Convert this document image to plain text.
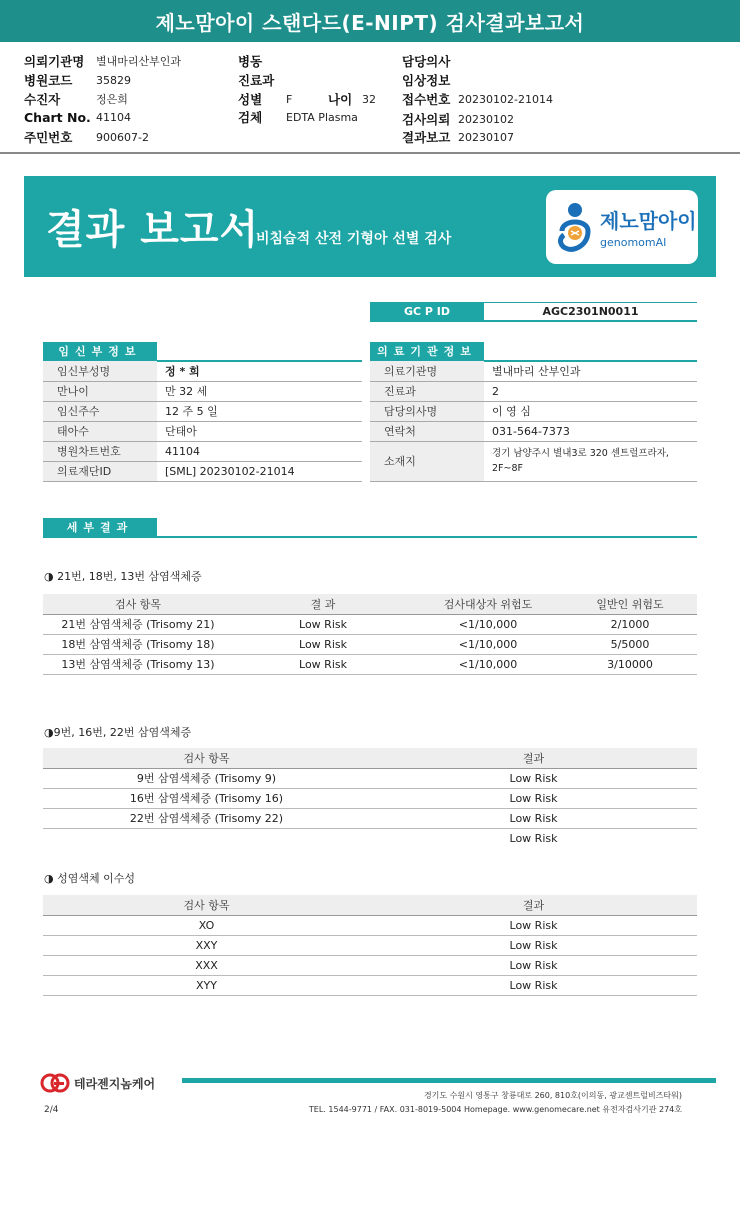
제노맘아이 스탠다드(E-NIPT) 검사결과보고서
의뢰기관명	별내마리산부인과
병원코드	35829
수진자	정은희
Chart No. 41104
주민번호	900607-2
병동
진료과
성별	F	나이 32
검체	EDTA Plasma
담당의사
임상정보
접수번호 20230102-21014
검사의뢰 20230102
결과보고 20230107
결과 보고서
비침습적 산전 기형아 선별 검사
제노맘아이
genomomAI
GC P ID	AGC2301N0011
임신부정보
임신부성명	정 * 희
만나이	만 32 세
임신주수	12 주 5 일
태아수	단태아
병원차트번호	41104
의료재단ID	[SML] 20230102-21014
의료기관정보
의료기관명	별내마리 산부인과
진료과	2
담당의사명	이 영 심
연락처	031-564-7373
소재지	경기 남양주시 별내3로 320 센트럴프라자, 2F~8F
세부결과
◑ 21번, 18번, 13번 삼염색체증
검사 항목	결 과	검사대상자 위험도	일반인 위험도
21번 삼염색체증 (Trisomy 21)	Low Risk	<1/10,000	2/1000
18번 삼염색체증 (Trisomy 18)	Low Risk	<1/10,000	5/5000
13번 삼염색체증 (Trisomy 13)	Low Risk	<1/10,000	3/10000
◑9번, 16번, 22번 삼염색체증
검사 항목	결과
9번 삼염색체증 (Trisomy 9)	Low Risk
16번 삼염색체증 (Trisomy 16)	Low Risk
22번 삼염색체증 (Trisomy 22)	Low Risk
	Low Risk
◑ 성염색체 이수성
검사 항목	결과
XO	Low Risk
XXY	Low Risk
XXX	Low Risk
XYY	Low Risk
테라젠지놈케어
경기도 수원시 영통구 창룡대로 260, 810호(이의동, 광교센트럴비즈타워)
TEL. 1544-9771 / FAX. 031-8019-5004 Homepage. www.genomecare.net 유전자검사기관 274호
2/4
